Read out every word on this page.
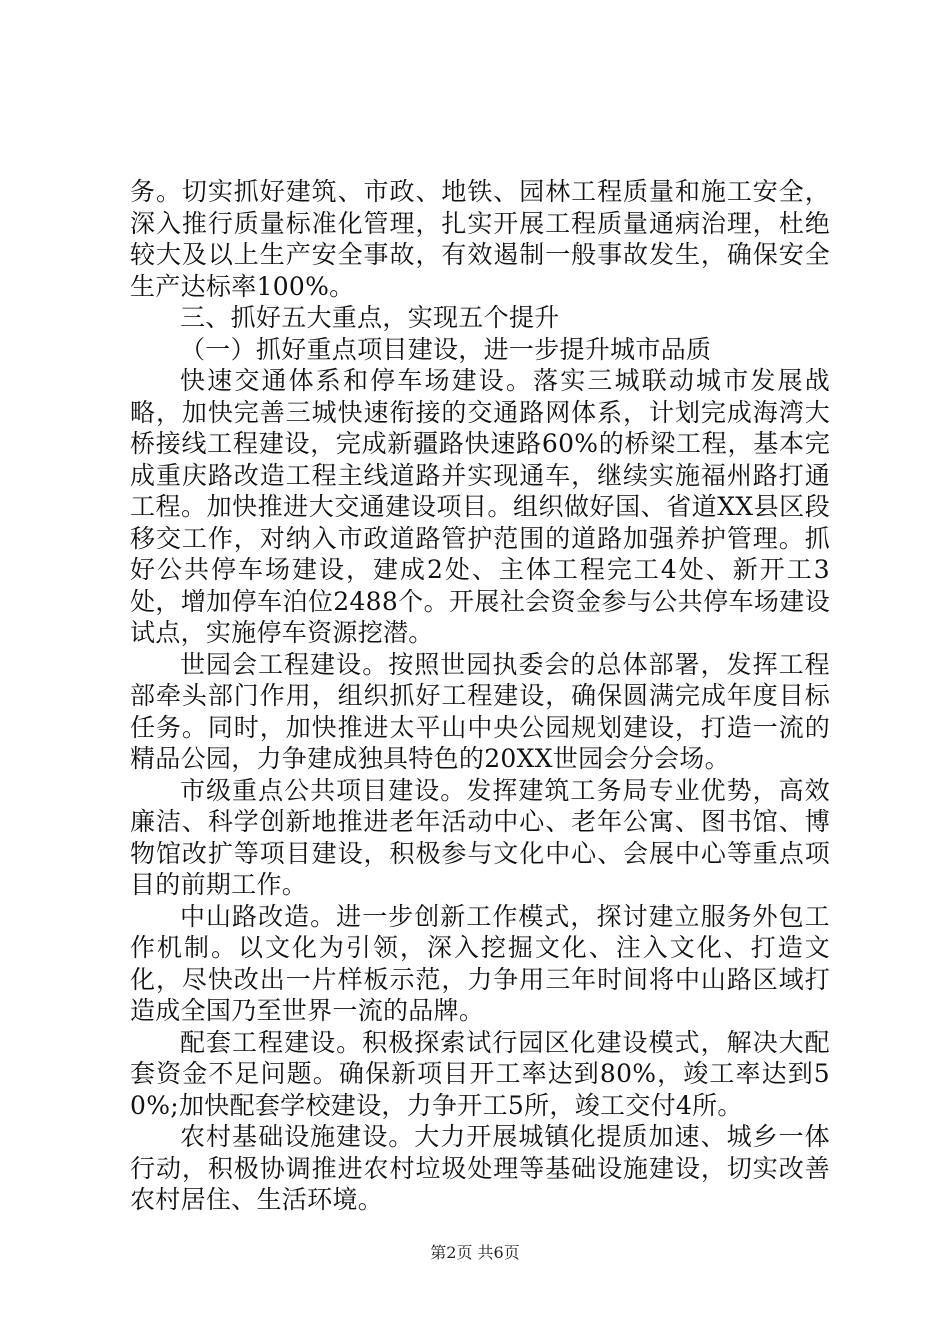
务。切实抓好建筑、市政、地铁、园林工程质量和施工安全，深入推行质量标准化管理，扎实开展工程质量通病治理，杜绝较大及以上生产安全事故，有效遏制一般事故发生，确保安全生产达标率100%。

三、抓好五大重点，实现五个提升

（一）抓好重点项目建设，进一步提升城市品质

快速交通体系和停车场建设。落实三城联动城市发展战略，加快完善三城快速衔接的交通路网体系，计划完成海湾大桥接线工程建设，完成新疆路快速路60%的桥梁工程，基本完成重庆路改造工程主线道路并实现通车，继续实施福州路打通工程。加快推进大交通建设项目。组织做好国、省道XX县区段移交工作，对纳入市政道路管护范围的道路加强养护管理。抓好公共停车场建设，建成2处、主体工程完工4处、新开工3处，增加停车泊位2488个。开展社会资金参与公共停车场建设试点，实施停车资源挖潜。

世园会工程建设。按照世园执委会的总体部署，发挥工程部牵头部门作用，组织抓好工程建设，确保圆满完成年度目标任务。同时，加快推进太平山中央公园规划建设，打造一流的精品公园，力争建成独具特色的20XX世园会分会场。

市级重点公共项目建设。发挥建筑工务局专业优势，高效廉洁、科学创新地推进老年活动中心、老年公寓、图书馆、博物馆改扩等项目建设，积极参与文化中心、会展中心等重点项目的前期工作。

中山路改造。进一步创新工作模式，探讨建立服务外包工作机制。以文化为引领，深入挖掘文化、注入文化、打造文化，尽快改出一片样板示范，力争用三年时间将中山路区域打造成全国乃至世界一流的品牌。

配套工程建设。积极探索试行园区化建设模式，解决大配套资金不足问题。确保新项目开工率达到80%，竣工率达到50%;加快配套学校建设，力争开工5所，竣工交付4所。

农村基础设施建设。大力开展城镇化提质加速、城乡一体行动，积极协调推进农村垃圾处理等基础设施建设，切实改善农村居住、生活环境。

第2页 共6页
